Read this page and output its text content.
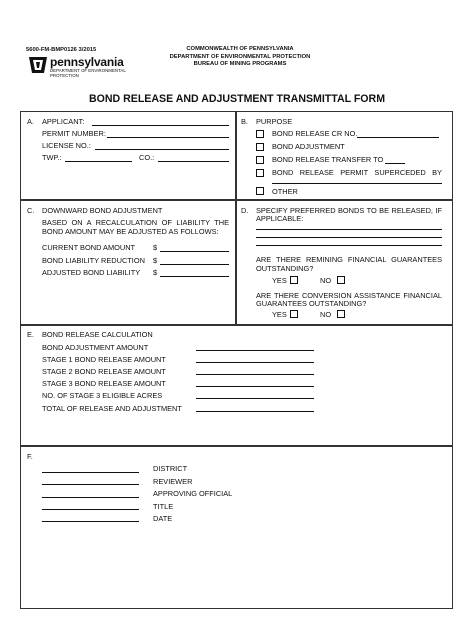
5600-FM-BMP0126 3/2015
pennsylvania
DEPARTMENT OF ENVIRONMENTAL
PROTECTION
COMMONWEALTH OF PENNSYLVANIA
DEPARTMENT OF ENVIRONMENTAL PROTECTION
BUREAU OF MINING PROGRAMS
BOND RELEASE AND ADJUSTMENT TRANSMITTAL FORM
A. APPLICANT:
PERMIT NUMBER:
LICENSE NO.:
TWP.:	CO.:
B. PURPOSE
BOND RELEASE CR NO.
BOND ADJUSTMENT
BOND RELEASE TRANSFER TO
BOND RELEASE PERMIT SUPERCEDED BY
OTHER
C. DOWNWARD BOND ADJUSTMENT
BASED ON A RECALCULATION OF LIABILITY THE
BOND AMOUNT MAY BE ADJUSTED AS FOLLOWS:
CURRENT BOND AMOUNT $
BOND LIABILITY REDUCTION $
ADJUSTED BOND LIABILITY $
D. SPECIFY PREFERRED BONDS TO BE RELEASED, IF
APPLICABLE:
ARE THERE REMINING FINANCIAL GUARANTEES
OUTSTANDING?
YES	NO
ARE THERE CONVERSION ASSISTANCE FINANCIAL
GUARANTEES OUTSTANDING?
YES	NO
E. BOND RELEASE CALCULATION
BOND ADJUSTMENT AMOUNT
STAGE 1 BOND RELEASE AMOUNT
STAGE 2 BOND RELEASE AMOUNT
STAGE 3 BOND RELEASE AMOUNT
NO. OF STAGE 3 ELIGIBLE ACRES
TOTAL OF RELEASE AND ADJUSTMENT
F.
DISTRICT
REVIEWER
APPROVING OFFICIAL
TITLE
DATE
